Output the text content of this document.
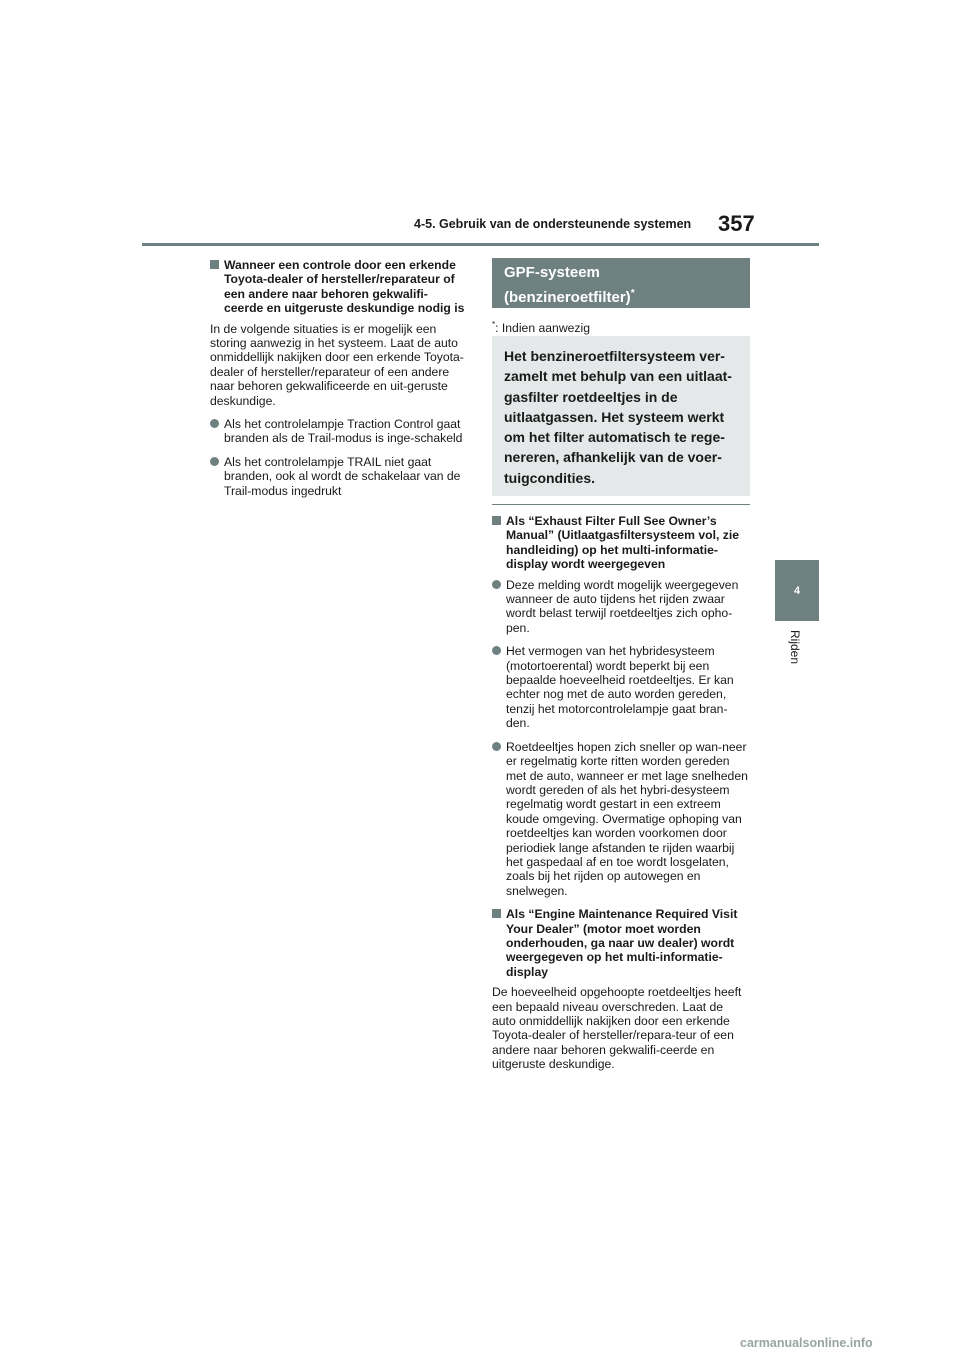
4-5. Gebruik van de ondersteunende systemen	357
4
Rijden
Wanneer een controle door een erkende Toyota-dealer of hersteller/reparateur of een andere naar behoren gekwalifi-ceerde en uitgeruste deskundige nodig is
In de volgende situaties is er mogelijk een storing aanwezig in het systeem. Laat de auto onmiddellijk nakijken door een erkende Toyota-dealer of hersteller/reparateur of een andere naar behoren gekwalificeerde en uit-geruste deskundige.
Als het controlelampje Traction Control gaat branden als de Trail-modus is inge-schakeld
Als het controlelampje TRAIL niet gaat branden, ook al wordt de schakelaar van de Trail-modus ingedrukt
GPF-systeem
(benzineroetfilter)*
*: Indien aanwezig
Het benzineroetfiltersysteem ver-zamelt met behulp van een uitlaat-gasfilter roetdeeltjes in de uitlaatgassen. Het systeem werkt om het filter automatisch te rege-nereren, afhankelijk van de voer-tuigcondities.
Als “Exhaust Filter Full See Owner’s Manual” (Uitlaatgasfiltersysteem vol, zie handleiding) op het multi-informatie-display wordt weergegeven
Deze melding wordt mogelijk weergegeven wanneer de auto tijdens het rijden zwaar wordt belast terwijl roetdeeltjes zich opho-pen.
Het vermogen van het hybridesysteem (motortoerental) wordt beperkt bij een bepaalde hoeveelheid roetdeeltjes. Er kan echter nog met de auto worden gereden, tenzij het motorcontrolelampje gaat bran-den.
Roetdeeltjes hopen zich sneller op wan-neer er regelmatig korte ritten worden gereden met de auto, wanneer er met lage snelheden wordt gereden of als het hybri-desysteem regelmatig wordt gestart in een extreem koude omgeving. Overmatige ophoping van roetdeeltjes kan worden voorkomen door periodiek lange afstanden te rijden waarbij het gaspedaal af en toe wordt losgelaten, zoals bij het rijden op autowegen en snelwegen.
Als “Engine Maintenance Required Visit Your Dealer” (motor moet worden onderhouden, ga naar uw dealer) wordt weergegeven op het multi-informatie-display
De hoeveelheid opgehoopte roetdeeltjes heeft een bepaald niveau overschreden. Laat de auto onmiddellijk nakijken door een erkende Toyota-dealer of hersteller/repara-teur of een andere naar behoren gekwalifi-ceerde en uitgeruste deskundige.
carmanualsonline.info
